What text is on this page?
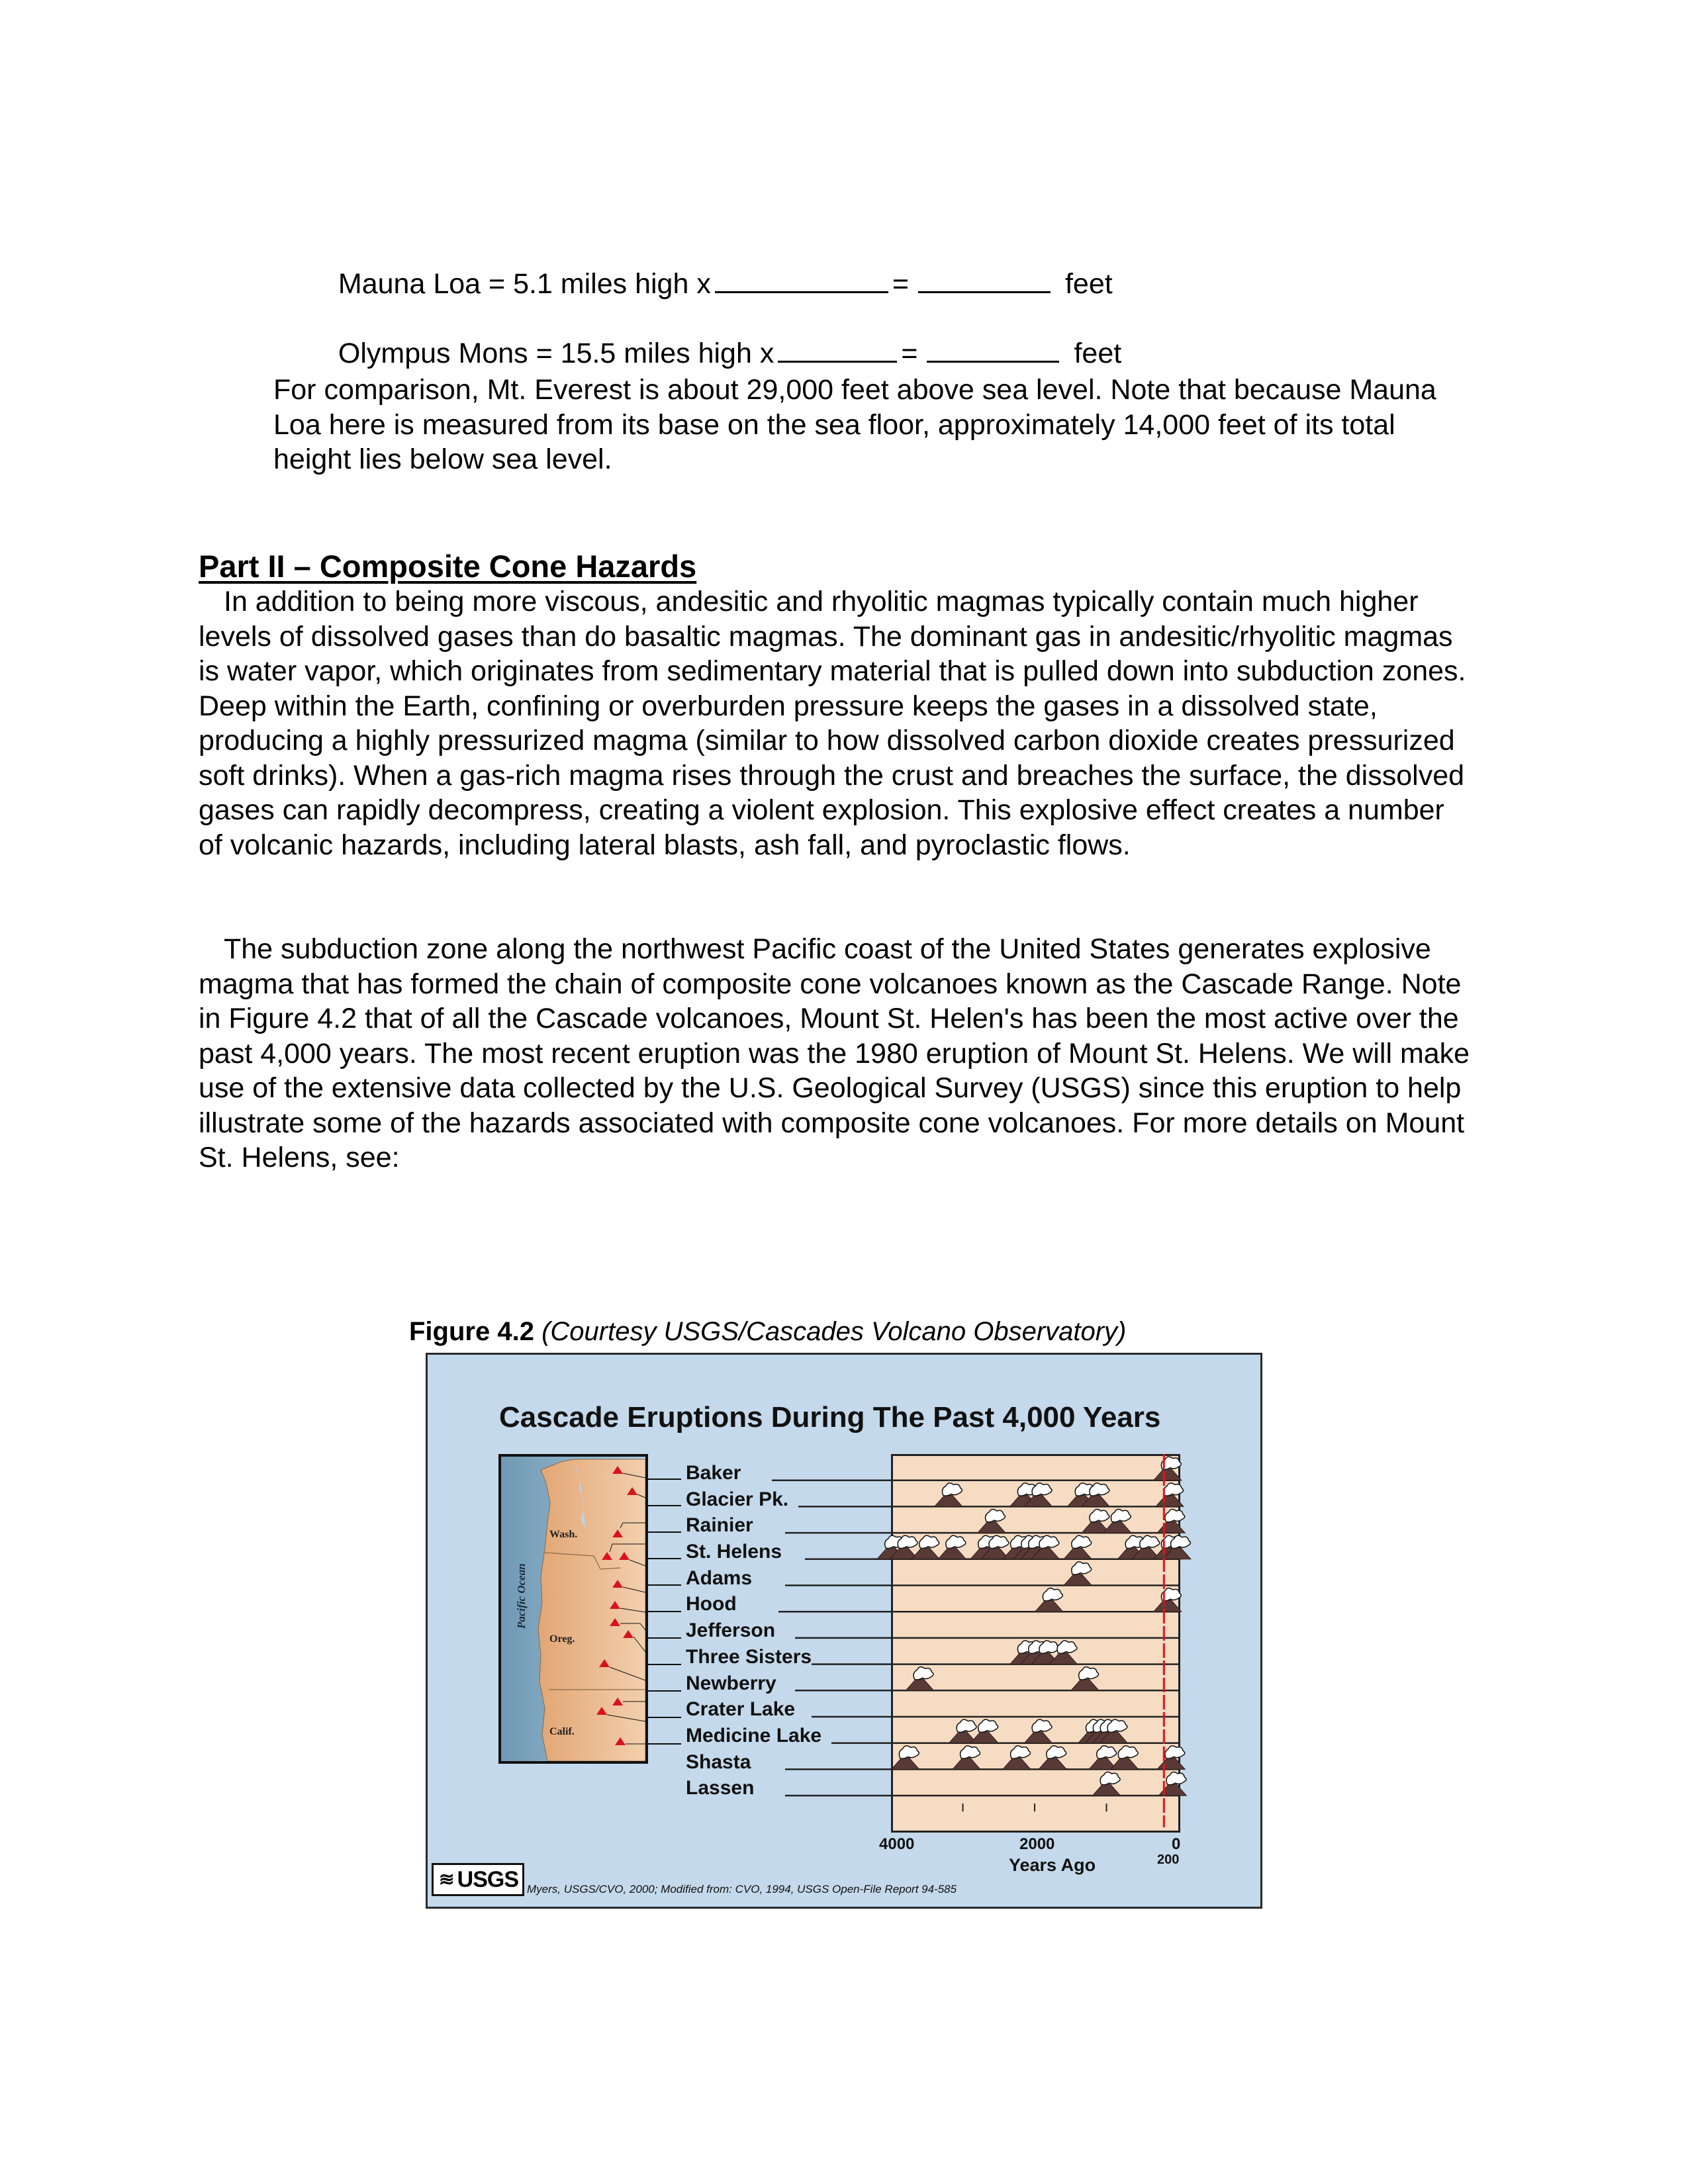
Mauna Loa = 5.1 miles high x	=	feet

Olympus Mons = 15.5 miles high x	=	feet

For comparison, Mt. Everest is about 29,000 feet above sea level. Note that because Mauna Loa here is measured from its base on the sea floor, approximately 14,000 feet of its total height lies below sea level.
Part II – Composite Cone Hazards
In addition to being more viscous, andesitic and rhyolitic magmas typically contain much higher levels of dissolved gases than do basaltic magmas. The dominant gas in andesitic/rhyolitic magmas is water vapor, which originates from sedimentary material that is pulled down into subduction zones. Deep within the Earth, confining or overburden pressure keeps the gases in a dissolved state, producing a highly pressurized magma (similar to how dissolved carbon dioxide creates pressurized soft drinks). When a gas-rich magma rises through the crust and breaches the surface, the dissolved gases can rapidly decompress, creating a violent explosion. This explosive effect creates a number of volcanic hazards, including lateral blasts, ash fall, and pyroclastic flows.
The subduction zone along the northwest Pacific coast of the United States generates explosive magma that has formed the chain of composite cone volcanoes known as the Cascade Range. Note in Figure 4.2 that of all the Cascade volcanoes, Mount St. Helen's has been the most active over the past 4,000 years. The most recent eruption was the 1980 eruption of Mount St. Helens. We will make use of the extensive data collected by the U.S. Geological Survey (USGS) since this eruption to help illustrate some of the hazards associated with composite cone volcanoes. For more details on Mount St. Helens, see:
Figure 4.2 (Courtesy USGS/Cascades Volcano Observatory)
Cascade Eruptions During The Past 4,000 Years
Pacific Ocean
Wash.
Oreg.
Calif.
Baker
Glacier Pk.
Rainier
St. Helens
Adams
Hood
Jefferson
Three Sisters
Newberry
Crater Lake
Medicine Lake
Shasta
Lassen
4000	2000	0
200
Years Ago
≋ USGS Myers, USGS/CVO, 2000; Modified from: CVO, 1994, USGS Open-File Report 94-585
